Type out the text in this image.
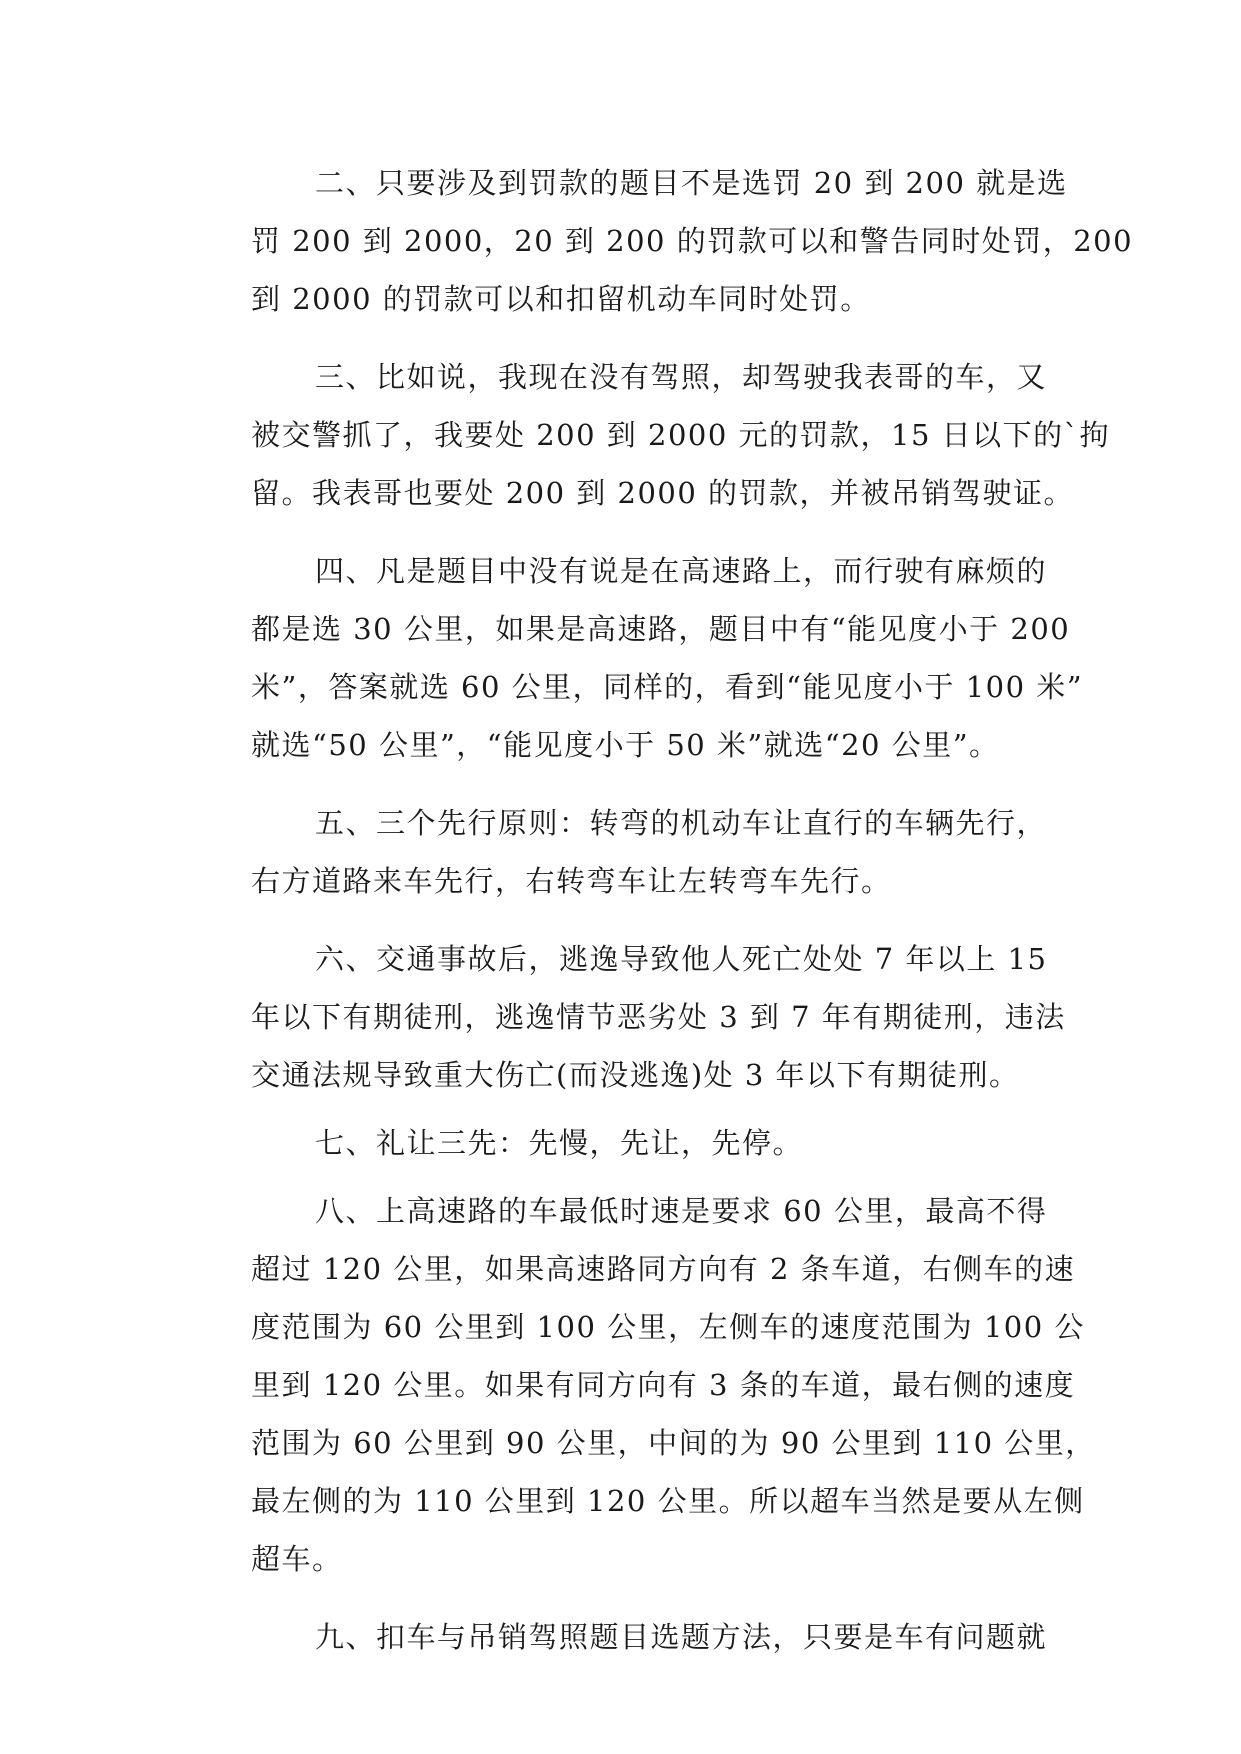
二、只要涉及到罚款的题目不是选罚 20 到 200 就是选
罚 200 到 2000，20 到 200 的罚款可以和警告同时处罚，200
到 2000 的罚款可以和扣留机动车同时处罚。
三、比如说，我现在没有驾照，却驾驶我表哥的车，又
被交警抓了，我要处 200 到 2000 元的罚款，15 日以下的`拘
留。我表哥也要处 200 到 2000 的罚款，并被吊销驾驶证。
四、凡是题目中没有说是在高速路上，而行驶有麻烦的
都是选 30 公里，如果是高速路，题目中有“能见度小于 200
米”，答案就选 60 公里，同样的，看到“能见度小于 100 米”
就选“50 公里”，“能见度小于 50 米”就选“20 公里”。
五、三个先行原则：转弯的机动车让直行的车辆先行，
右方道路来车先行，右转弯车让左转弯车先行。
六、交通事故后，逃逸导致他人死亡处处 7 年以上 15
年以下有期徒刑，逃逸情节恶劣处 3 到 7 年有期徒刑，违法
交通法规导致重大伤亡(而没逃逸)处 3 年以下有期徒刑。
七、礼让三先：先慢，先让，先停。
八、上高速路的车最低时速是要求 60 公里，最高不得
超过 120 公里，如果高速路同方向有 2 条车道，右侧车的速
度范围为 60 公里到 100 公里，左侧车的速度范围为 100 公
里到 120 公里。如果有同方向有 3 条的车道，最右侧的速度
范围为 60 公里到 90 公里，中间的为 90 公里到 110 公里，
最左侧的为 110 公里到 120 公里。所以超车当然是要从左侧
超车。
九、扣车与吊销驾照题目选题方法，只要是车有问题就
